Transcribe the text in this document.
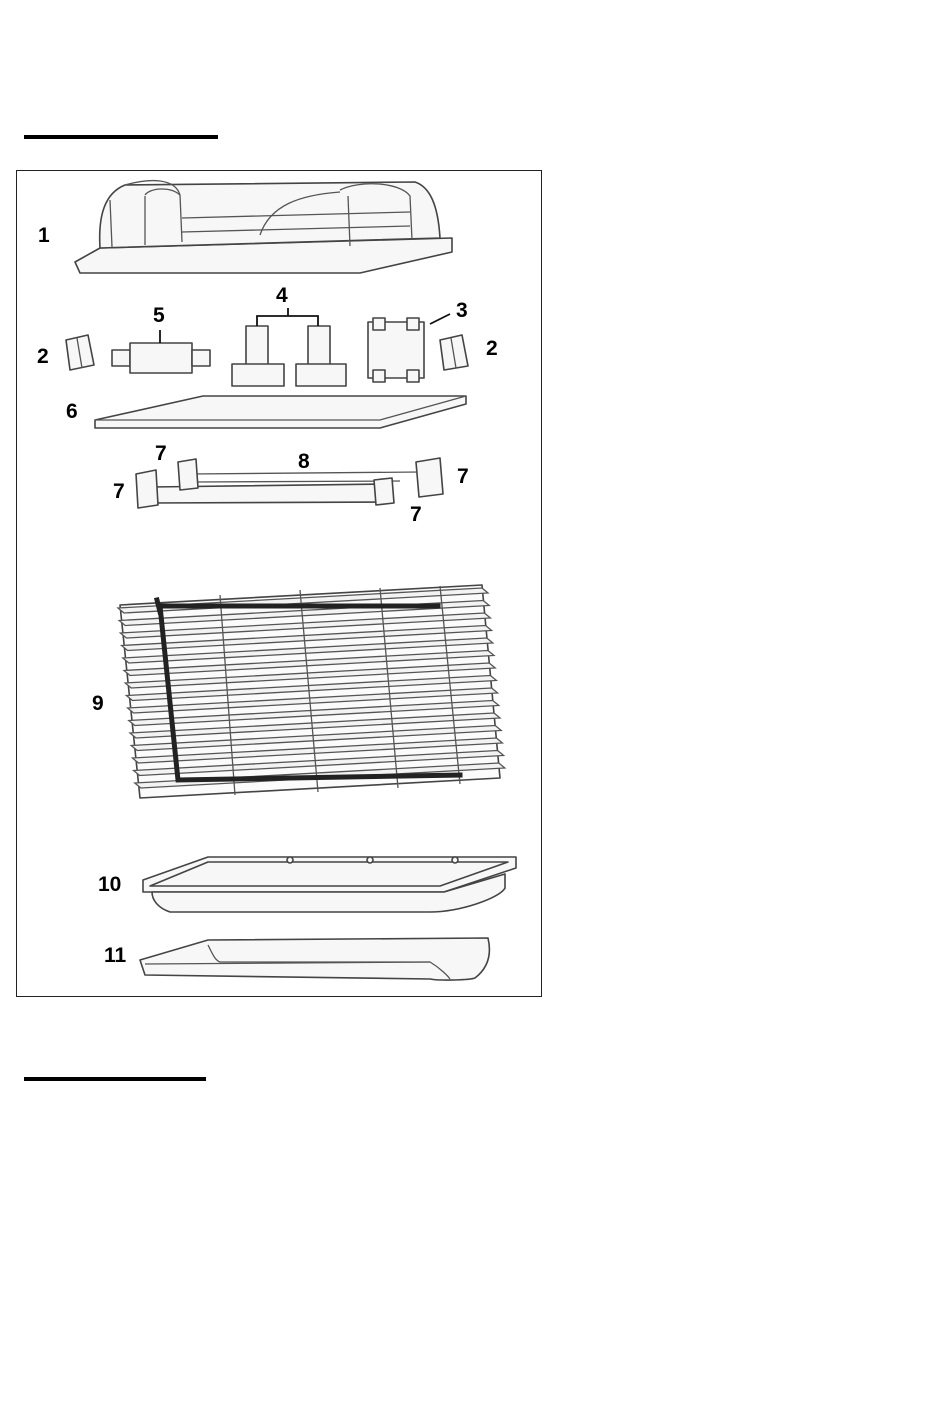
1
2
5
4
3
2
6
7
7
8
7
7
9
10
11
